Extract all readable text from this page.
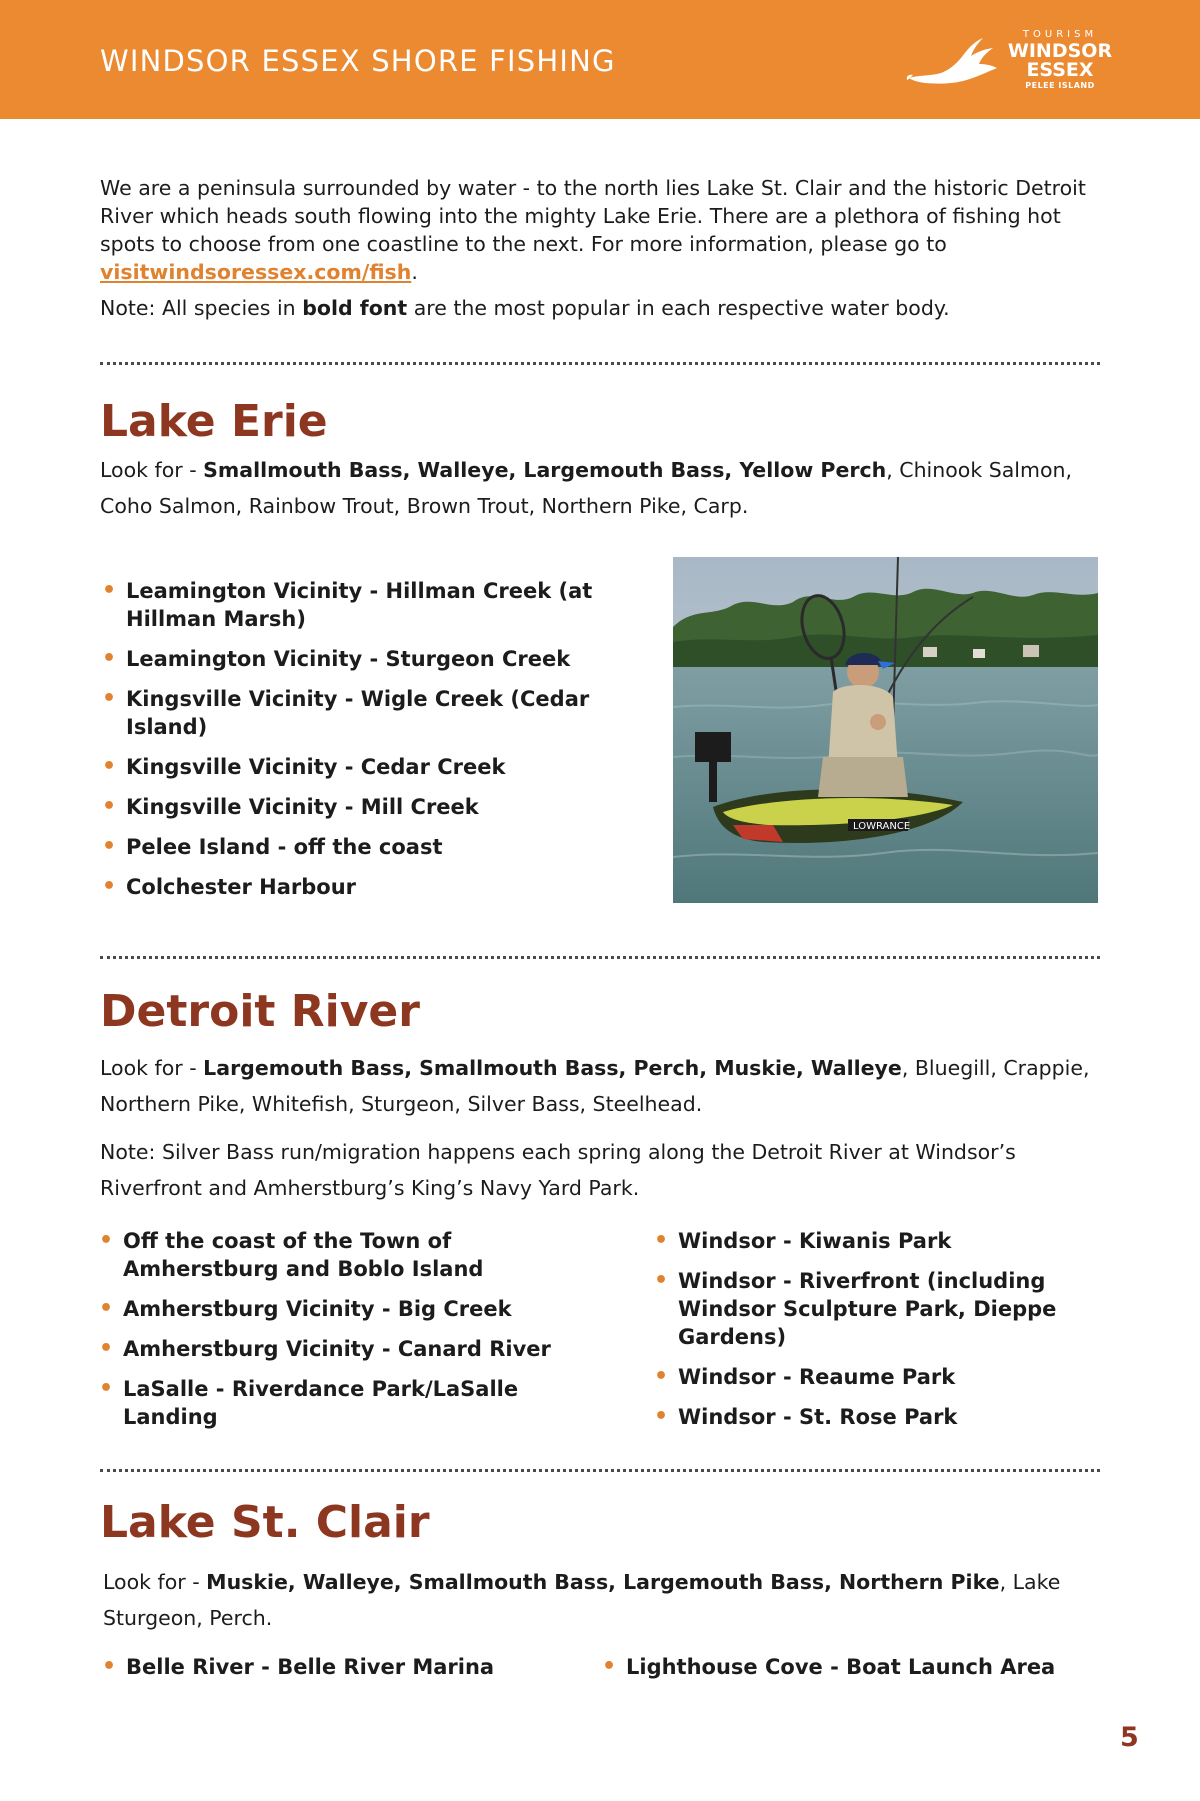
WINDSOR ESSEX SHORE FISHING
TOURISM
WINDSOR
ESSEX
PELEE ISLAND

We are a peninsula surrounded by water - to the north lies Lake St. Clair and the historic Detroit River which heads south flowing into the mighty Lake Erie. There are a plethora of fishing hot spots to choose from one coastline to the next. For more information, please go to visitwindsoressex.com/fish.

Note: All species in bold font are the most popular in each respective water body.

Lake Erie

Look for - Smallmouth Bass, Walleye, Largemouth Bass, Yellow Perch, Chinook Salmon, Coho Salmon, Rainbow Trout, Brown Trout, Northern Pike, Carp.

• Leamington Vicinity - Hillman Creek (at Hillman Marsh)
• Leamington Vicinity - Sturgeon Creek
• Kingsville Vicinity - Wigle Creek (Cedar Island)
• Kingsville Vicinity - Cedar Creek
• Kingsville Vicinity - Mill Creek
• Pelee Island - off the coast
• Colchester Harbour
LOWRANCE
Detroit River

Look for - Largemouth Bass, Smallmouth Bass, Perch, Muskie, Walleye, Bluegill, Crappie, Northern Pike, Whitefish, Sturgeon, Silver Bass, Steelhead.

Note: Silver Bass run/migration happens each spring along the Detroit River at Windsor’s Riverfront and Amherstburg’s King’s Navy Yard Park.

• Off the coast of the Town of Amherstburg and Boblo Island
• Amherstburg Vicinity - Big Creek
• Amherstburg Vicinity - Canard River
• LaSalle - Riverdance Park/LaSalle Landing
• Windsor - Kiwanis Park
• Windsor - Riverfront (including Windsor Sculpture Park, Dieppe Gardens)
• Windsor - Reaume Park
• Windsor - St. Rose Park
Lake St. Clair

Look for - Muskie, Walleye, Smallmouth Bass, Largemouth Bass, Northern Pike, Lake Sturgeon, Perch.

• Belle River - Belle River Marina	• Lighthouse Cove - Boat Launch Area
5
